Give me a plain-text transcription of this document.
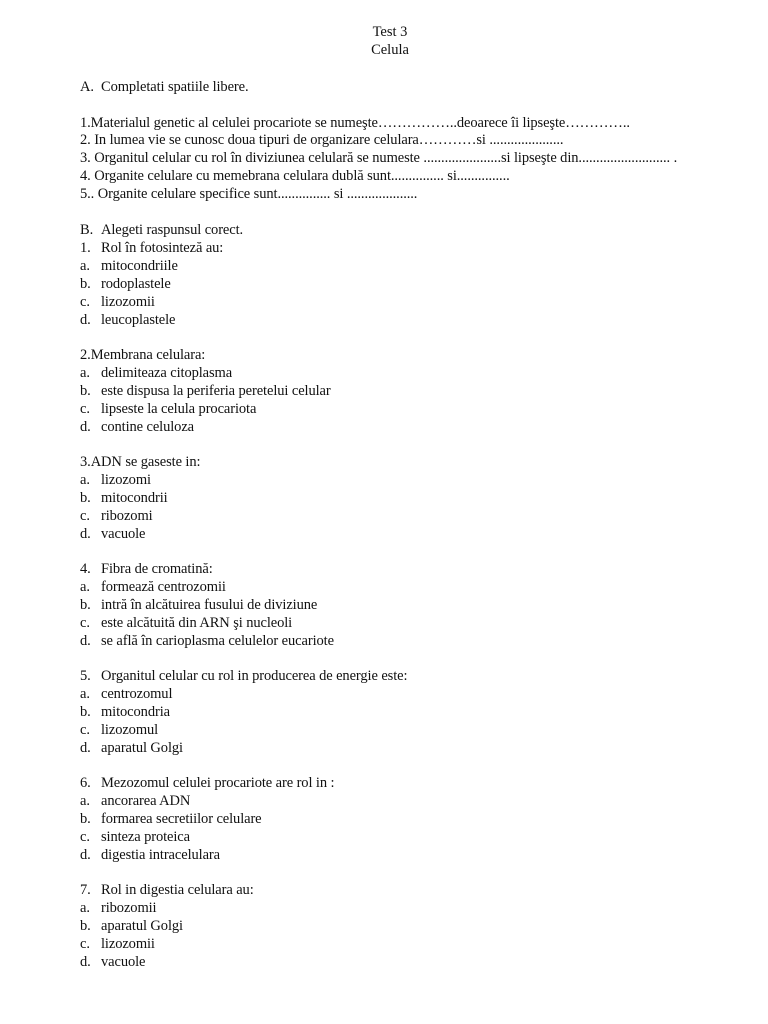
Test 3
Celula
A. Completati spatiile libere.
1.Materialul genetic al celulei procariote se numeşte……………..deoarece îi lipseşte…………..
2. In lumea vie se cunosc doua tipuri de organizare celulara…………si .....................
3. Organitul celular cu rol în diviziunea celulară se numeste ......................si lipseşte din.......................... .
4. Organite celulare cu memebrana celulara dublă sunt............... si...............
5.. Organite celulare specifice sunt............... si ....................
B. Alegeti raspunsul corect.
1. Rol în fotosinteză au:
a. mitocondriile
b. rodoplastele
c. lizozomii
d. leucoplastele
2.Membrana celulara:
a. delimiteaza citoplasma
b. este dispusa la periferia peretelui celular
c. lipseste la celula procariota
d. contine celuloza
3.ADN se gaseste in:
a. lizozomi
b. mitocondrii
c. ribozomi
d. vacuole
4. Fibra de cromatină:
a. formează centrozomii
b. intră în alcătuirea fusului de diviziune
c. este alcătuită din ARN şi nucleoli
d. se află în carioplasma celulelor eucariote
5. Organitul celular cu rol in producerea de energie este:
a. centrozomul
b. mitocondria
c. lizozomul
d. aparatul Golgi
6. Mezozomul celulei procariote are rol in :
a. ancorarea ADN
b. formarea secretiilor celulare
c. sinteza proteica
d. digestia intracelulara
7. Rol in digestia celulara au:
a. ribozomii
b. aparatul Golgi
c. lizozomii
d. vacuole
